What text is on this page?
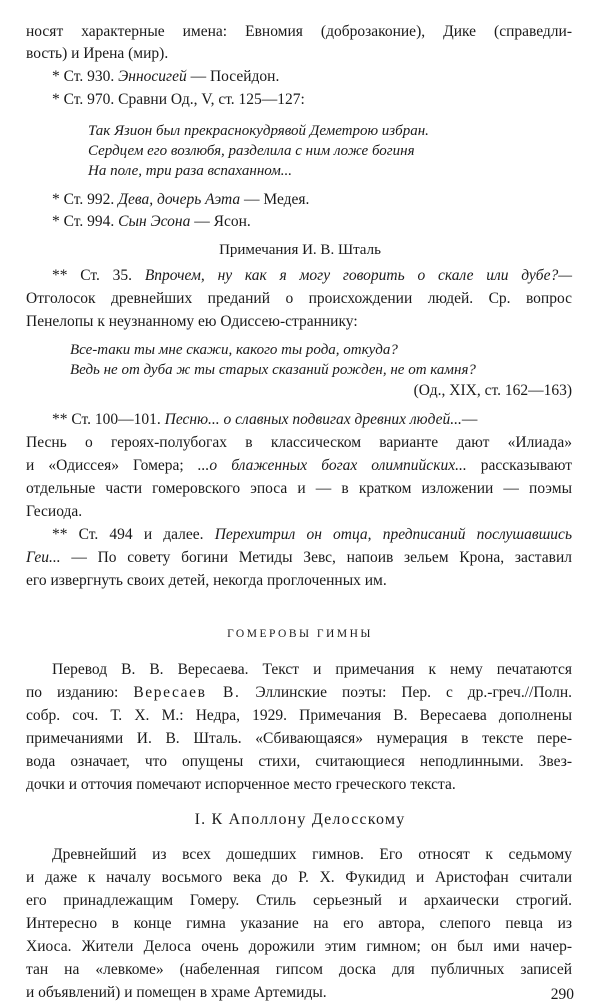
носят характерные имена: Евномия (доброзаконие), Дике (справедли-
вость) и Ирена (мир).
* Ст. 930. Энносигей — Посейдон.
* Ст. 970. Сравни Од., V, ст. 125—127:
Так Язион был прекраснокудрявой Деметрою избран.
Сердцем его возлюбя, разделила с ним ложе богиня
На поле, три раза вспаханном...
* Ст. 992. Дева, дочерь Аэта — Медея.
* Ст. 994. Сын Эсона — Ясон.
Примечания И. В. Шталь
** Ст. 35. Впрочем, ну как я могу говорить о скале или дубе?—
Отголосок древнейших преданий о происхождении людей. Ср. вопрос
Пенелопы к неузнанному ею Одиссею-страннику:
Все-таки ты мне скажи, какого ты рода, откуда?
Ведь не от дуба ж ты старых сказаний рожден, не от камня?
(Од., XIX, ст. 162—163)
** Ст. 100—101. Песню... о славных подвигах древних людей...—
Песнь о героях-полубогах в классическом варианте дают «Илиада»
и «Одиссея» Гомера; ...о блаженных богах олимпийских... рассказывают
отдельные части гомеровского эпоса и — в кратком изложении — поэмы
Гесиода.
** Ст. 494 и далее. Перехитрил он отца, предписаний послушавшись
Геи... — По совету богини Метиды Зевс, напоив зельем Крона, заставил
его извергнуть своих детей, некогда проглоченных им.
ГОМЕРОВЫ ГИМНЫ
Перевод В. В. Вересаева. Текст и примечания к нему печатаются
по изданию: Вересаев В. Эллинские поэты: Пер. с др.-греч.//Полн.
собр. соч. Т. X. М.: Недра, 1929. Примечания В. Вересаева дополнены
примечаниями И. В. Шталь. «Сбивающаяся» нумерация в тексте пере-
вода означает, что опущены стихи, считающиеся неподлинными. Звез-
дочки и отточия помечают испорченное место греческого текста.
I. К Аполлону Делосскому
Древнейший из всех дошедших гимнов. Его относят к седьмому
и даже к началу восьмого века до Р. Х. Фукидид и Аристофан считали
его принадлежащим Гомеру. Стиль серьезный и архаически строгий.
Интересно в конце гимна указание на его автора, слепого певца из
Хиоса. Жители Делоса очень дорожили этим гимном; он был ими начер-
тан на «левкоме» (набеленная гипсом доска для публичных записей
и объявлений) и помещен в храме Артемиды.	290
